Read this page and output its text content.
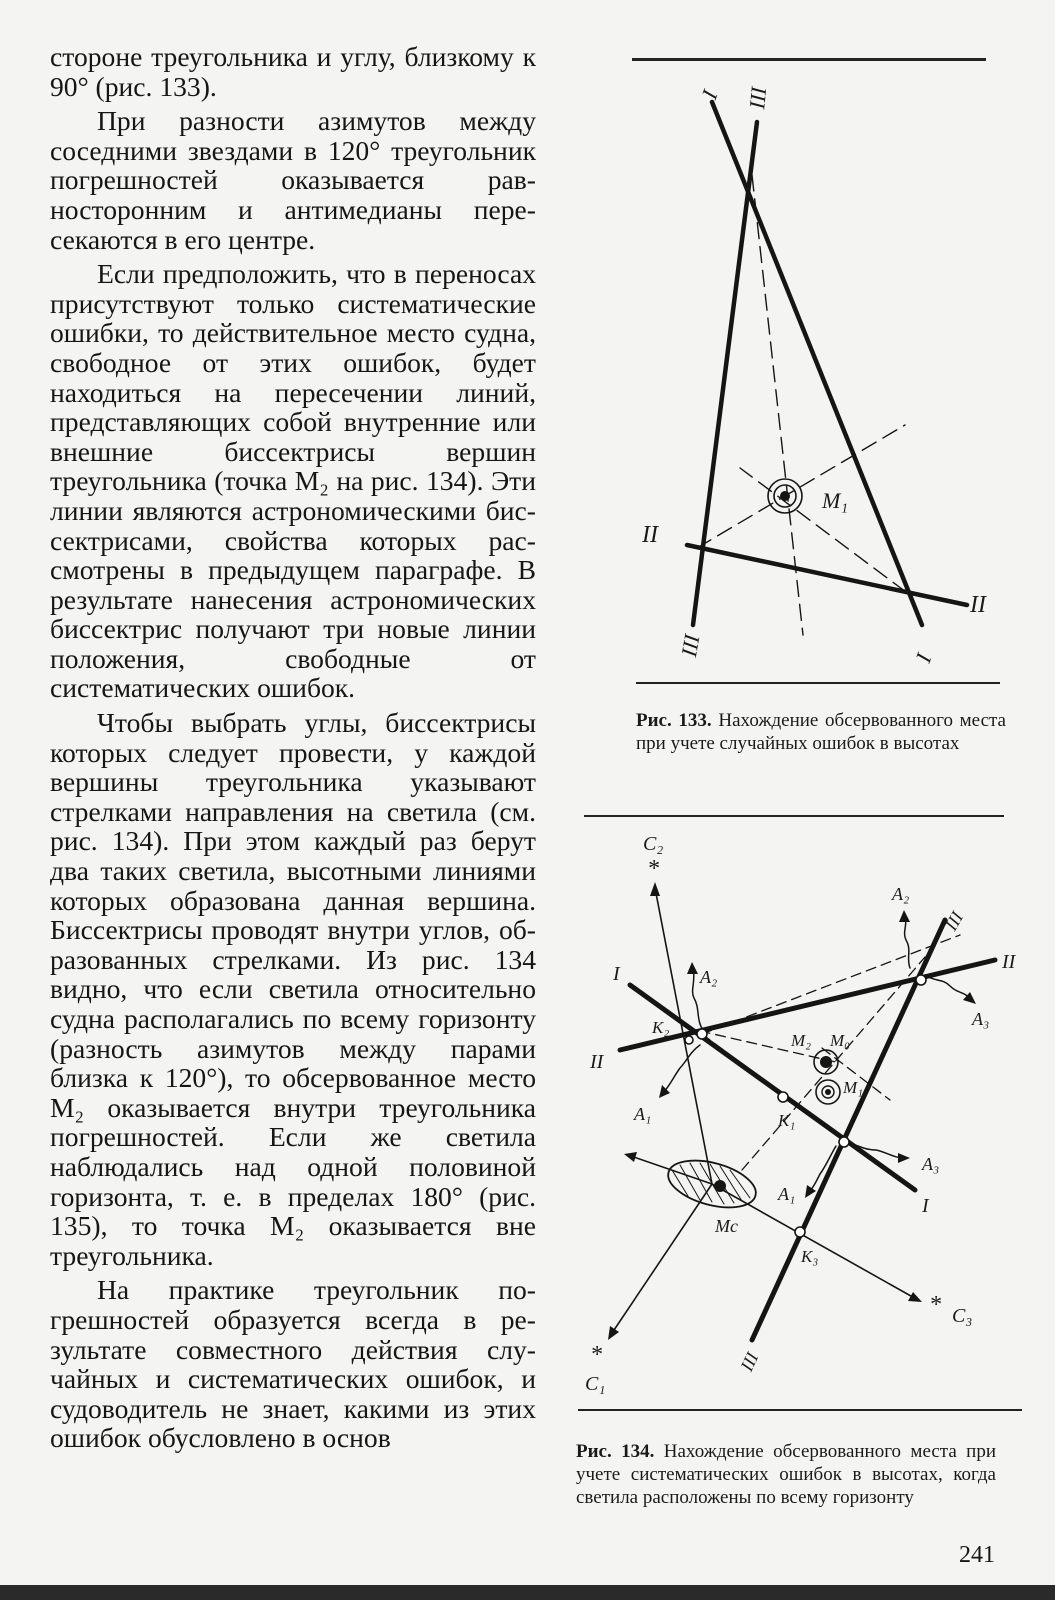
стороне треугольника и углу, близкому к 90° (рис. 133).

При разности азимутов между соседними звездами в 120° треугольник погрешностей оказывается равносторонним и антимедианы пересекаются в его центре.

Если предположить, что в переносах присутствуют только систематические ошибки, то действительное место судна, свободное от этих ошибок, будет находиться на пересечении линий, представляющих собой внутренние или внешние биссектрисы вершин треугольника (точка M₂ на рис. 134). Эти линии являются астрономическими биссектрисами, свойства которых рассмотрены в предыдущем параграфе. В результате нанесения астрономических биссектрис получают три новые линии положения, свободные от систематических ошибок.

Чтобы выбрать углы, биссектрисы которых следует провести, у каждой вершины треугольника указывают стрелками направления на светила (см. рис. 134). При этом каждый раз берут два таких светила, высотными линиями которых образована данная вершина. Биссектрисы проводят внутри углов, образованных стрелками. Из рис. 134 видно, что если светила относительно судна располагались по всему горизонту (разность азимутов между парами близка к 120°), то обсервованное место M₂ оказывается внутри треугольника погрешностей. Если же светила наблюдались над одной половиной горизонта, т. е. в пределах 180° (рис. 135), то точка M₂ оказывается вне треугольника.

На практике треугольник погрешностей образуется всегда в результате совместного действия случайных и систематических ошибок, и судоводитель не знает, какими из этих ошибок обусловлено в основ

I III
II
II
III	I
M₁
Рис. 133. Нахождение обсервованного места при учете случайных ошибок в высотах
*
*
*
C₂
C₁
C₃
A₂
A₃
A₂
A₁
A₁
A₃
I
I
II
II
III
III
K₂
K₁
K₃
M₂ M₀
M₁
Mc
Рис. 134. Нахождение обсервованного места при учете систематических ошибок в высотах, когда светила расположены по всему горизонту
241
